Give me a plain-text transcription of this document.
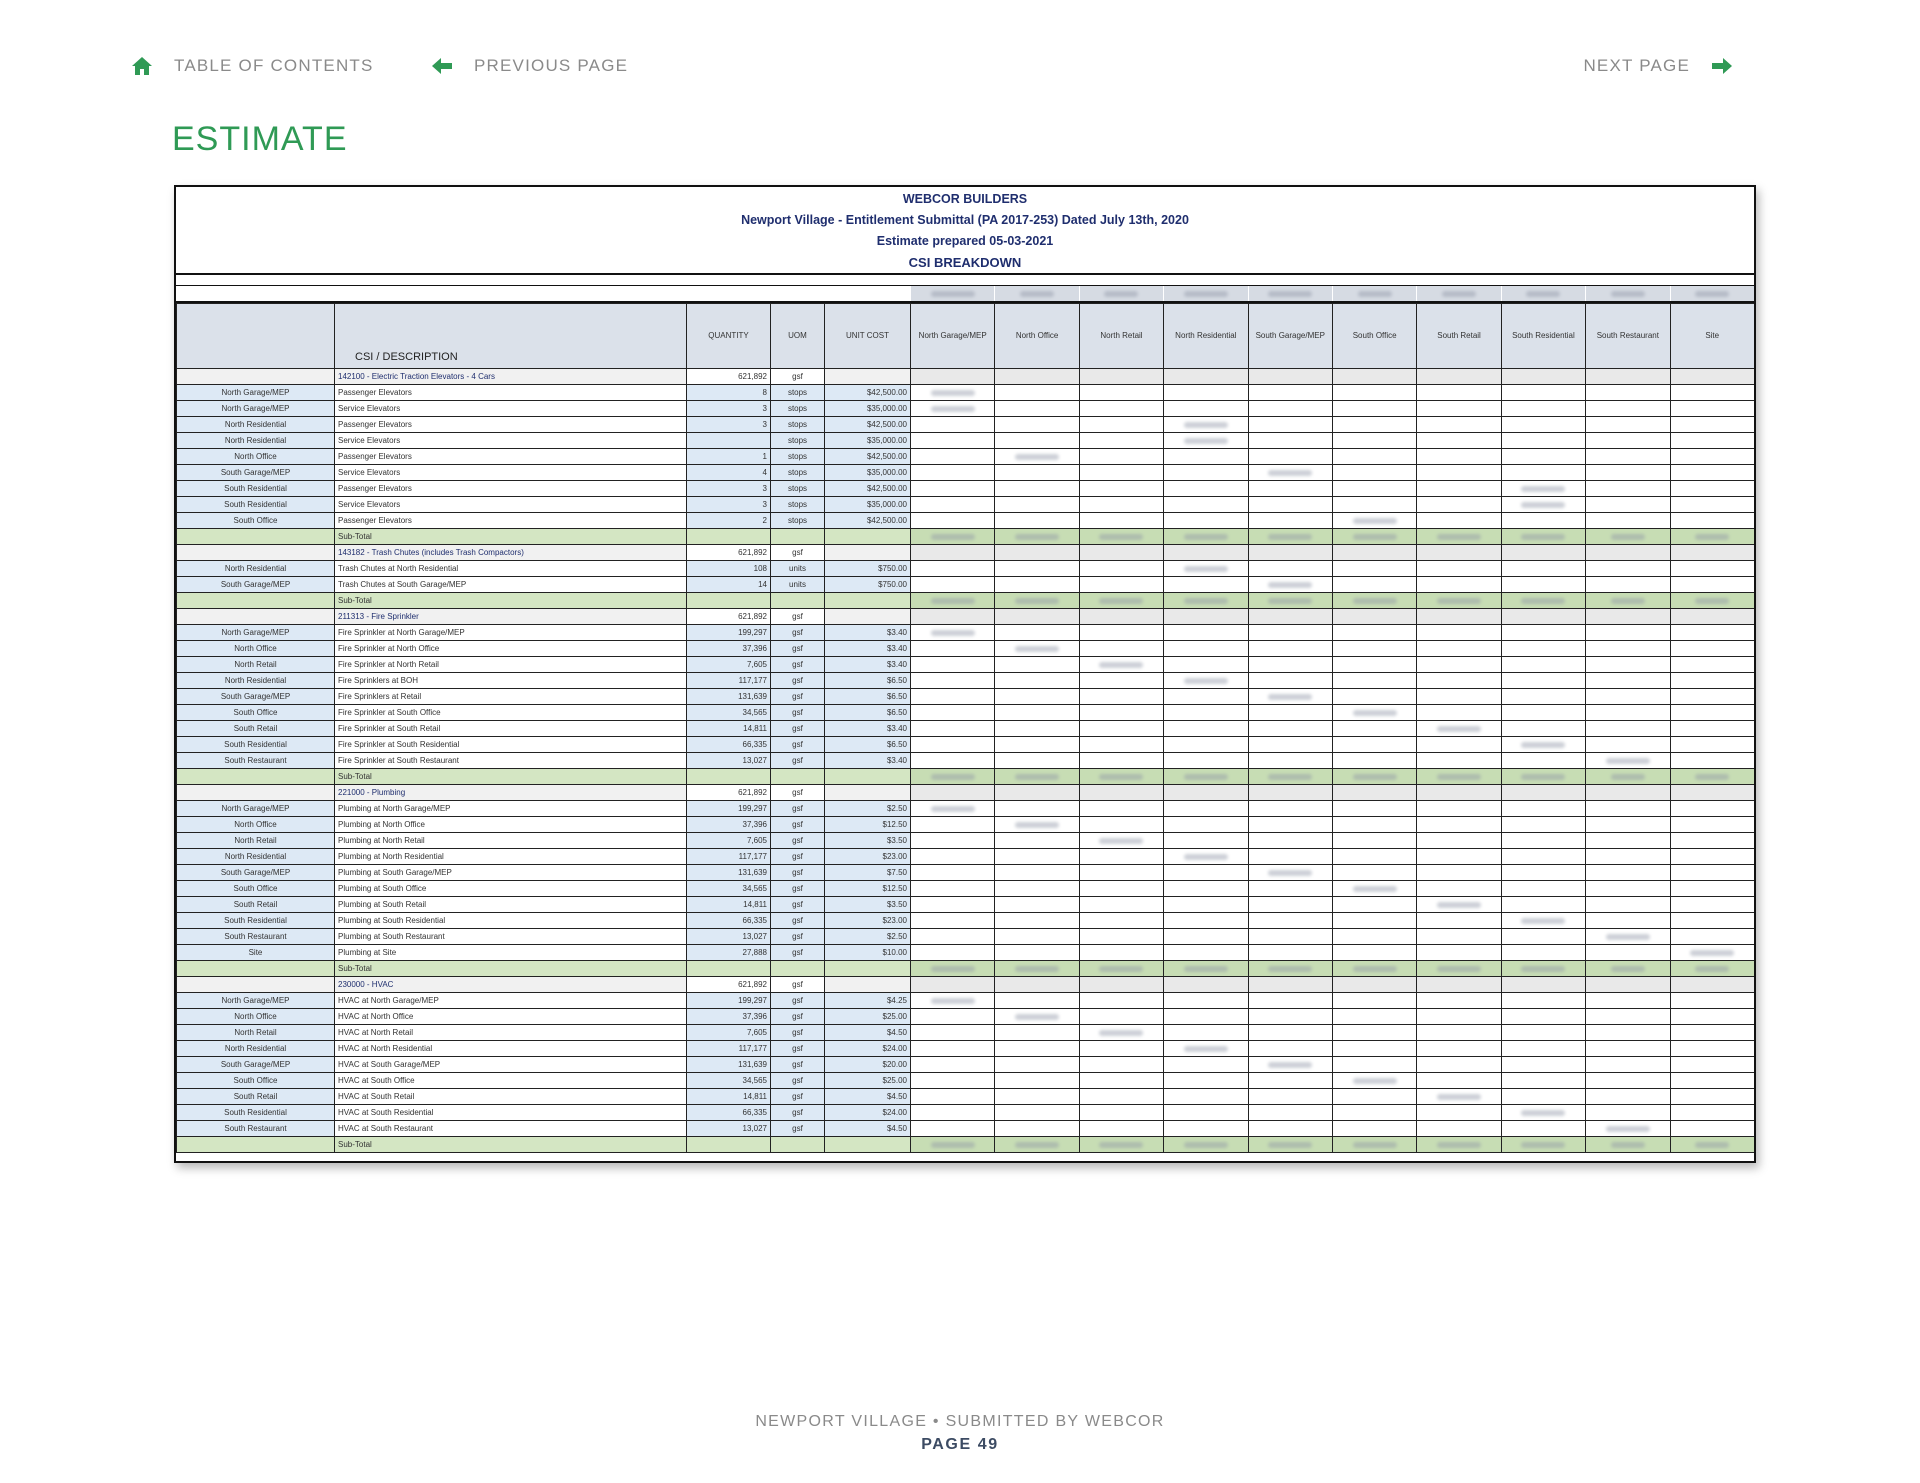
TABLE OF CONTENTS	PREVIOUS PAGE	NEXT PAGE
ESTIMATE
WEBCOR BUILDERS
Newport Village - Entitlement Submittal (PA 2017-253) Dated July 13th, 2020
Estimate prepared 05-03-2021
CSI BREAKDOWN
	CSI / DESCRIPTION	QUANTITY	UOM	UNIT COST	North Garage/MEP	North Office	North Retail	North Residential	South Garage/MEP	South Office	South Retail	South Residential	South Restaurant	Site
	142100 - Electric Traction Elevators - 4 Cars	621,892	gsf											
North Garage/MEP	Passenger Elevators	8	stops	$42,500.00	

North Garage/MEP	Service Elevators	3	stops	$35,000.00	

North Residential	Passenger Elevators	3	stops	$42,500.00				

North Residential	Service Elevators		stops	$35,000.00				

North Office	Passenger Elevators	1	stops	$42,500.00		

South Garage/MEP	Service Elevators	4	stops	$35,000.00					

South Residential	Passenger Elevators	3	stops	$42,500.00								

South Residential	Service Elevators	3	stops	$35,000.00								

South Office	Passenger Elevators	2	stops	$42,500.00						

	Sub-Total				

	143182 - Trash Chutes (includes Trash Compactors)	621,892	gsf											
North Residential	Trash Chutes at North Residential	108	units	$750.00				

South Garage/MEP	Trash Chutes at South Garage/MEP	14	units	$750.00					

	Sub-Total				

	211313 - Fire Sprinkler	621,892	gsf											
North Garage/MEP	Fire Sprinkler at North Garage/MEP	199,297	gsf	$3.40	

North Office	Fire Sprinkler at North Office	37,396	gsf	$3.40		

North Retail	Fire Sprinkler at North Retail	7,605	gsf	$3.40			

North Residential	Fire Sprinklers at BOH	117,177	gsf	$6.50				

South Garage/MEP	Fire Sprinklers at Retail	131,639	gsf	$6.50					

South Office	Fire Sprinkler at South Office	34,565	gsf	$6.50						

South Retail	Fire Sprinkler at South Retail	14,811	gsf	$3.40							

South Residential	Fire Sprinkler at South Residential	66,335	gsf	$6.50								

South Restaurant	Fire Sprinkler at South Restaurant	13,027	gsf	$3.40									

	Sub-Total				

	221000 - Plumbing	621,892	gsf											
North Garage/MEP	Plumbing at North Garage/MEP	199,297	gsf	$2.50	

North Office	Plumbing at North Office	37,396	gsf	$12.50		

North Retail	Plumbing at North Retail	7,605	gsf	$3.50			

North Residential	Plumbing at North Residential	117,177	gsf	$23.00				

South Garage/MEP	Plumbing at South Garage/MEP	131,639	gsf	$7.50					

South Office	Plumbing at South Office	34,565	gsf	$12.50						

South Retail	Plumbing at South Retail	14,811	gsf	$3.50							

South Residential	Plumbing at South Residential	66,335	gsf	$23.00								

South Restaurant	Plumbing at South Restaurant	13,027	gsf	$2.50									

Site	Plumbing at Site	27,888	gsf	$10.00										

	Sub-Total				

	230000 - HVAC	621,892	gsf											
North Garage/MEP	HVAC at North Garage/MEP	199,297	gsf	$4.25	

North Office	HVAC at North Office	37,396	gsf	$25.00		

North Retail	HVAC at North Retail	7,605	gsf	$4.50			

North Residential	HVAC at North Residential	117,177	gsf	$24.00				

South Garage/MEP	HVAC at South Garage/MEP	131,639	gsf	$20.00					

South Office	HVAC at South Office	34,565	gsf	$25.00						

South Retail	HVAC at South Retail	14,811	gsf	$4.50							

South Residential	HVAC at South Residential	66,335	gsf	$24.00								

South Restaurant	HVAC at South Restaurant	13,027	gsf	$4.50									

	Sub-Total				

NEWPORT VILLAGE • SUBMITTED BY WEBCOR
PAGE 49
